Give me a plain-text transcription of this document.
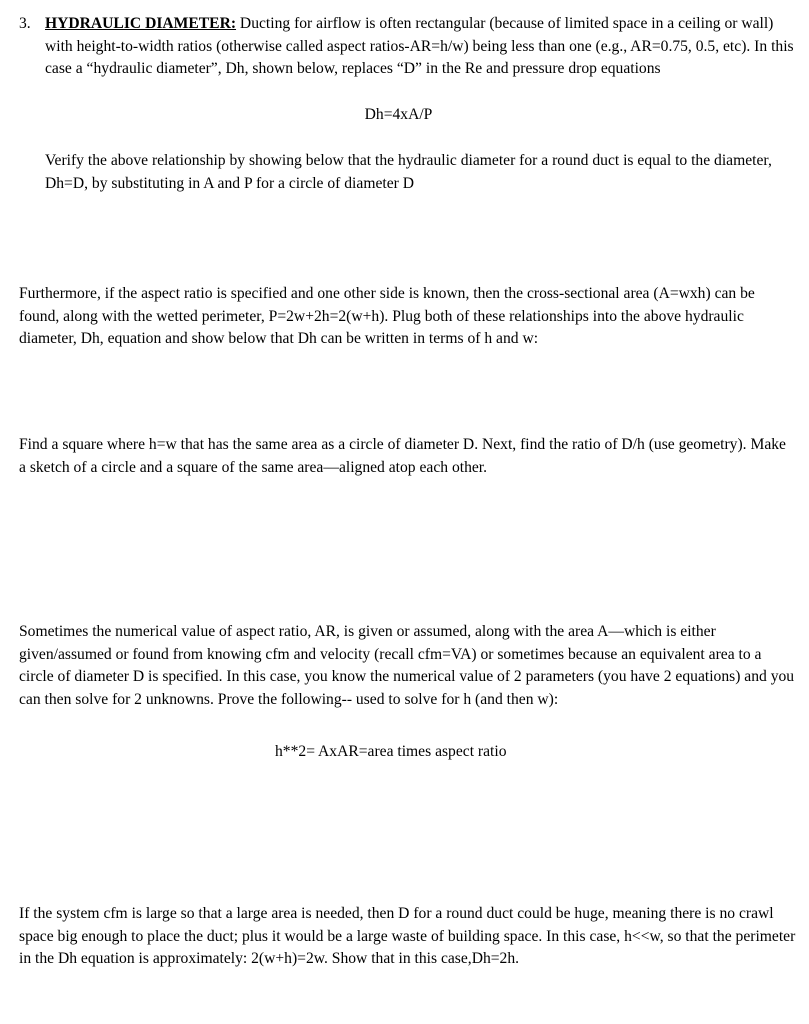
3. HYDRAULIC DIAMETER: Ducting for airflow is often rectangular (because of limited space in a ceiling or wall) with height-to-width ratios (otherwise called aspect ratios-AR=h/w) being less than one (e.g., AR=0.75, 0.5, etc). In this case a “hydraulic diameter”, Dh, shown below, replaces “D” in the Re and pressure drop equations
Dh=4xA/P
Verify the above relationship by showing below that the hydraulic diameter for a round duct is equal to the diameter, Dh=D, by substituting in A and P for a circle of diameter D
Furthermore, if the aspect ratio is specified and one other side is known, then the cross-sectional area (A=wxh) can be found, along with the wetted perimeter, P=2w+2h=2(w+h). Plug both of these relationships into the above hydraulic diameter, Dh, equation and show below that Dh can be written in terms of h and w:
Find a square where h=w that has the same area as a circle of diameter D. Next, find the ratio of D/h (use geometry). Make a sketch of a circle and a square of the same area—aligned atop each other.
Sometimes the numerical value of aspect ratio, AR, is given or assumed, along with the area A—which is either given/assumed or found from knowing cfm and velocity (recall cfm=VA) or sometimes because an equivalent area to a circle of diameter D is specified. In this case, you know the numerical value of 2 parameters (you have 2 equations) and you can then solve for 2 unknowns. Prove the following-- used to solve for h (and then w):
h**2= AxAR=area times aspect ratio
If the system cfm is large so that a large area is needed, then D for a round duct could be huge, meaning there is no crawl space big enough to place the duct; plus it would be a large waste of building space. In this case, h<<w, so that the perimeter in the Dh equation is approximately: 2(w+h)=2w. Show that in this case,Dh=2h.
